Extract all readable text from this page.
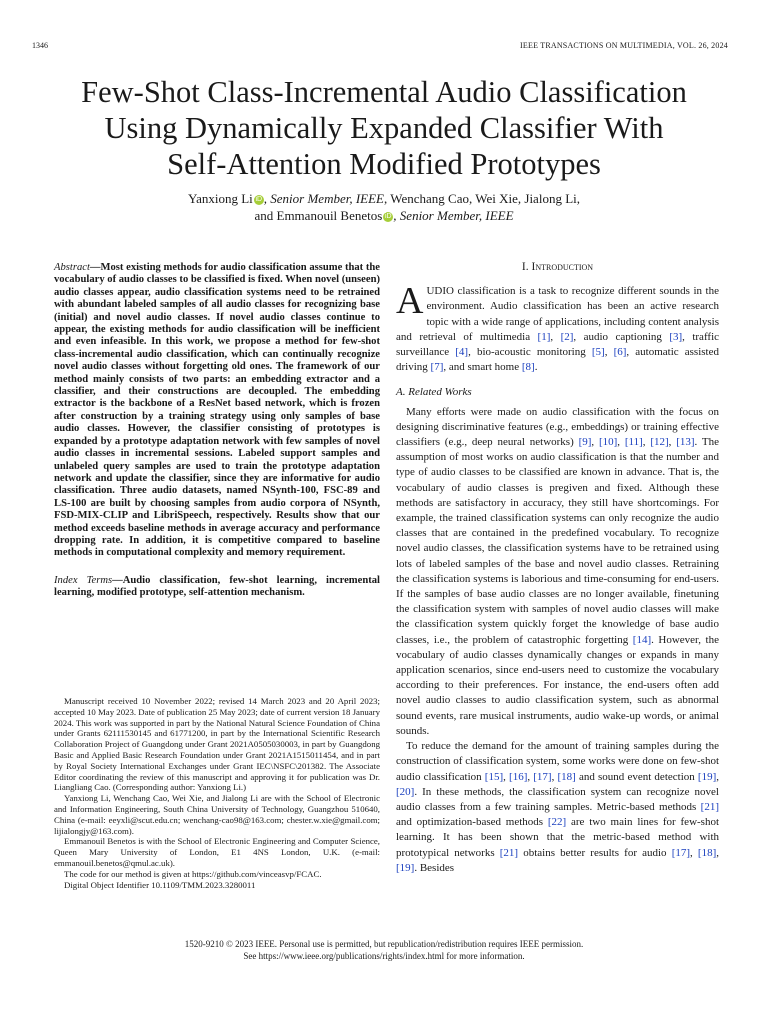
1346	IEEE TRANSACTIONS ON MULTIMEDIA, VOL. 26, 2024
Few-Shot Class-Incremental Audio Classification
Using Dynamically Expanded Classifier With
Self-Attention Modified Prototypes
Yanxiong Li iD , Senior Member, IEEE, Wenchang Cao, Wei Xie, Jialong Li,
and Emmanouil Benetos iD , Senior Member, IEEE
Abstract—Most existing methods for audio classification assume that the vocabulary of audio classes to be classified is fixed. When novel (unseen) audio classes appear, audio classification systems need to be retrained with abundant labeled samples of all audio classes for recognizing base (initial) and novel audio classes. If novel audio classes continue to appear, the existing methods for audio classification will be inefficient and even infeasible. In this work, we propose a method for few-shot class-incremental audio classification, which can continually recognize novel audio classes without forgetting old ones. The framework of our method mainly consists of two parts: an embedding extractor and a classifier, and their constructions are decoupled. The embedding extractor is the backbone of a ResNet based network, which is frozen after construction by a training strategy using only samples of base audio classes. However, the classifier consisting of prototypes is expanded by a prototype adaptation network with few samples of novel audio classes in incremental sessions. Labeled support samples and unlabeled query samples are used to train the prototype adaptation network and update the classifier, since they are informative for audio classification. Three audio datasets, named NSynth-100, FSC-89 and LS-100 are built by choosing samples from audio corpora of NSynth, FSD-MIX-CLIP and LibriSpeech, respectively. Results show that our method exceeds baseline methods in average accuracy and performance dropping rate. In addition, it is competitive compared to baseline methods in computational complexity and memory requirement.
Index Terms—Audio classification, few-shot learning, incremental learning, modified prototype, self-attention mechanism.

Manuscript received 10 November 2022; revised 14 March 2023 and 20 April 2023; accepted 10 May 2023. Date of publication 25 May 2023; date of current version 18 January 2024. This work was supported in part by the National Natural Science Foundation of China under Grants 62111530145 and 61771200, in part by the International Scientific Research Collaboration Project of Guangdong under Grant 2021A0505030003, in part by Guangdong Basic and Applied Basic Research Foundation under Grant 2021A1515011454, and in part by Royal Society International Exchanges under Grant IEC\NSFC\201382. The Associate Editor coordinating the review of this manuscript and approving it for publication was Dr. Liangliang Cao. (Corresponding author: Yanxiong Li.)

Yanxiong Li, Wenchang Cao, Wei Xie, and Jialong Li are with the School of Electronic and Information Engineering, South China University of Technology, Guangzhou 510640, China (e-mail: eeyxli@scut.edu.cn; wenchang-cao98@163.com; chester.w.xie@gmail.com; lijialongjy@163.com).

Emmanouil Benetos is with the School of Electronic Engineering and Computer Science, Queen Mary University of London, E1 4NS London, U.K. (e-mail: emmanouil.benetos@qmul.ac.uk).

The code for our method is given at https://github.com/vinceasvp/FCAC.

Digital Object Identifier 10.1109/TMM.2023.3280011

I. Introduction

AUDIO classification is a task to recognize different sounds in the environment. Audio classification has been an active research topic with a wide range of applications, including content analysis and retrieval of multimedia [1], [2], audio captioning [3], traffic surveillance [4], bio-acoustic monitoring [5], [6], automatic assisted driving [7], and smart home [8].

A. Related Works

Many efforts were made on audio classification with the focus on designing discriminative features (e.g., embeddings) or training effective classifiers (e.g., deep neural networks) [9], [10], [11], [12], [13]. The assumption of most works on audio classification is that the number and type of audio classes to be classified are known in advance. That is, the vocabulary of audio classes is pregiven and fixed. Although these methods are satisfactory in accuracy, they still have shortcomings. For example, the trained classification systems can only recognize the audio classes that are contained in the predefined vocabulary. To recognize novel audio classes, the classification systems have to be retrained using lots of labeled samples of the base and novel audio classes. Retraining the classification systems is laborious and time-consuming for end-users. If the samples of base audio classes are no longer available, finetuning the classification system with samples of novel audio classes will make the classification system quickly forget the knowledge of base audio classes, i.e., the problem of catastrophic forgetting [14]. However, the vocabulary of audio classes dynamically changes or expands in many application scenarios, since end-users need to customize the vocabulary according to their preferences. For instance, the end-users often add novel audio classes to audio classification system, such as abnormal sound events, rare musical instruments, audio wake-up words, or animal sounds.

To reduce the demand for the amount of training samples during the construction of classification system, some works were done on few-shot audio classification [15], [16], [17], [18] and sound event detection [19], [20]. In these methods, the classification system can recognize novel audio classes from a few training samples. Metric-based methods [21] and optimization-based methods [22] are two main lines for few-shot learning. It has been shown that the metric-based method with prototypical networks [21] obtains better results for audio [17], [18], [19]. Besides

1520-9210 © 2023 IEEE. Personal use is permitted, but republication/redistribution requires IEEE permission.
See https://www.ieee.org/publications/rights/index.html for more information.
